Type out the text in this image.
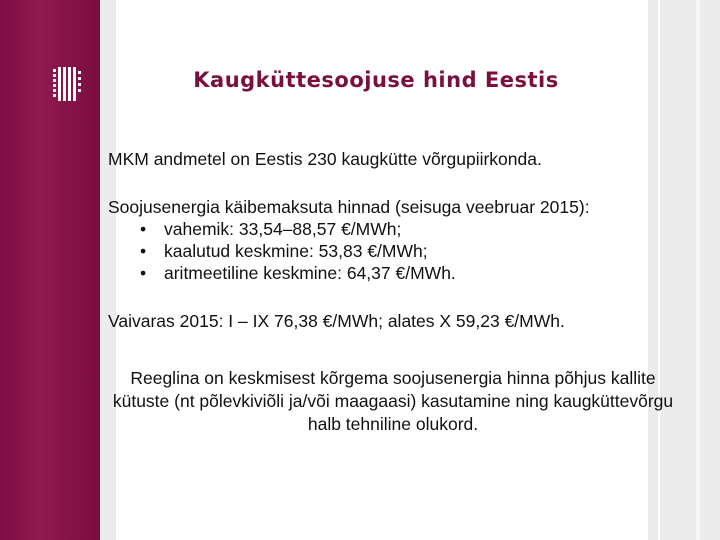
Kaugküttesoojuse hind Eestis

MKM andmetel on Eestis 230 kaugkütte võrgupiirkonda.

Soojusenergia käibemaksuta hinnad (seisuga veebruar 2015):

• vahemik: 33,54–88,57 €/MWh;
• kaalutud keskmine: 53,83 €/MWh;
• aritmeetiline keskmine: 64,37 €/MWh.

Vaivaras 2015: I – IX 76,38 €/MWh; alates X 59,23 €/MWh.

Reeglina on keskmisest kõrgema soojusenergia hinna põhjus kallite kütuste (nt põlevkiviõli ja/või maagaasi) kasutamine ning kaugküttevõrgu halb tehniline olukord.
